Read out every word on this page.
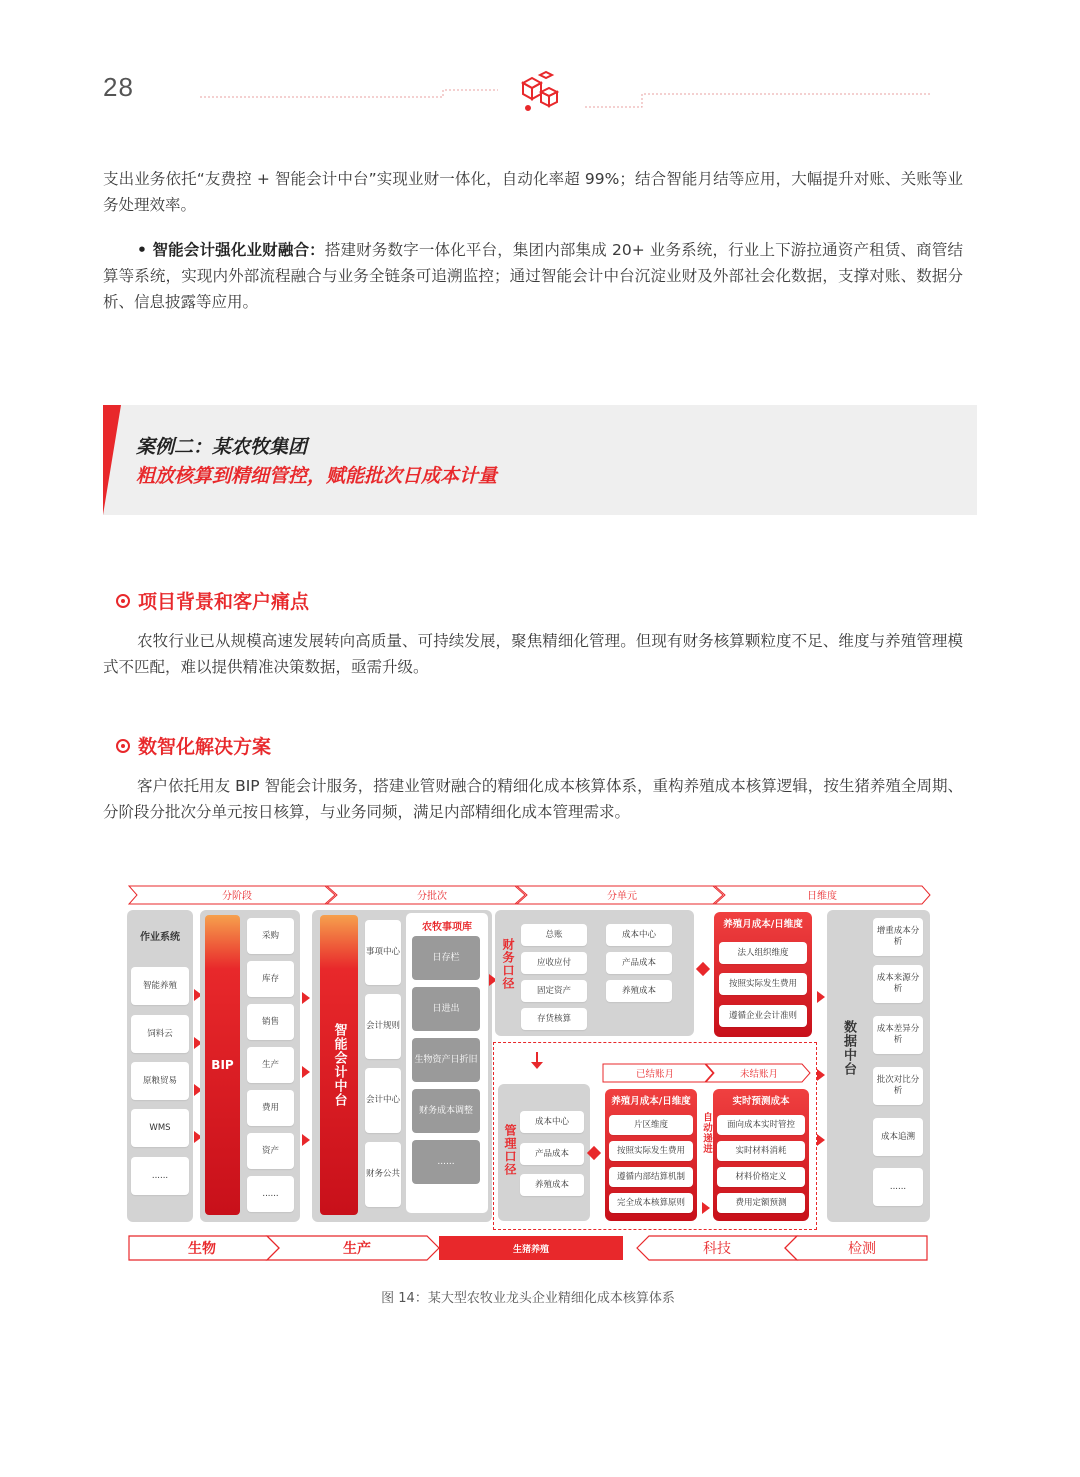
28

支出业务依托“友费控 + 智能会计中台”实现业财一体化，自动化率超 99%；结合智能月结等应用，大幅提升对账、关账等业务处理效率。

• 智能会计强化业财融合：搭建财务数字一体化平台，集团内部集成 20+ 业务系统，行业上下游拉通资产租赁、商管结算等系统，实现内外部流程融合与业务全链条可追溯监控；通过智能会计中台沉淀业财及外部社会化数据，支撑对账、数据分析、信息披露等应用。

案例二：某农牧集团
粗放核算到精细管控，赋能批次日成本计量
项目背景和客户痛点

农牧行业已从规模高速发展转向高质量、可持续发展，聚焦精细化管理。但现有财务核算颗粒度不足、维度与养殖管理模式不匹配，难以提供精准决策数据，亟需升级。

数智化解决方案

客户依托用友 BIP 智能会计服务，搭建业管财融合的精细化成本核算体系，重构养殖成本核算逻辑，按生猪养殖全周期、分阶段分批次分单元按日核算，与业务同频，满足内部精细化成本管理需求。

分阶段	分批次	分单元	日维度
作业系统
智能养殖
饲料云
原粮贸易
WMS
......
BIP
采购
库存
销售
生产
费用
资产
......
智能会计中台
事项中心
会计规则
会计中心
财务公共
农牧事项库
日存栏
日进出
生物资产日折旧
财务成本调整
......
财务口径
总账
应收应付
固定资产
存货核算
成本中心
产品成本
养殖成本
养殖月成本/日维度
法人组织维度
按照实际发生费用
遵循企业会计准则
管理口径
成本中心
产品成本
养殖成本
已结账月	未结账月
养殖月成本/日维度
片区维度
按照实际发生费用
遵循内部结算机制
完全成本核算原则
自动递进
实时预测成本
面向成本实时管控
实时材料消耗
材料价格定义
费用定额预测
数据中台
增重成本分析
成本来源分析
成本差异分析
批次对比分析
成本追溯
......
生物	生产	生猪养殖	科技	检测
图 14：某大型农牧业龙头企业精细化成本核算体系
